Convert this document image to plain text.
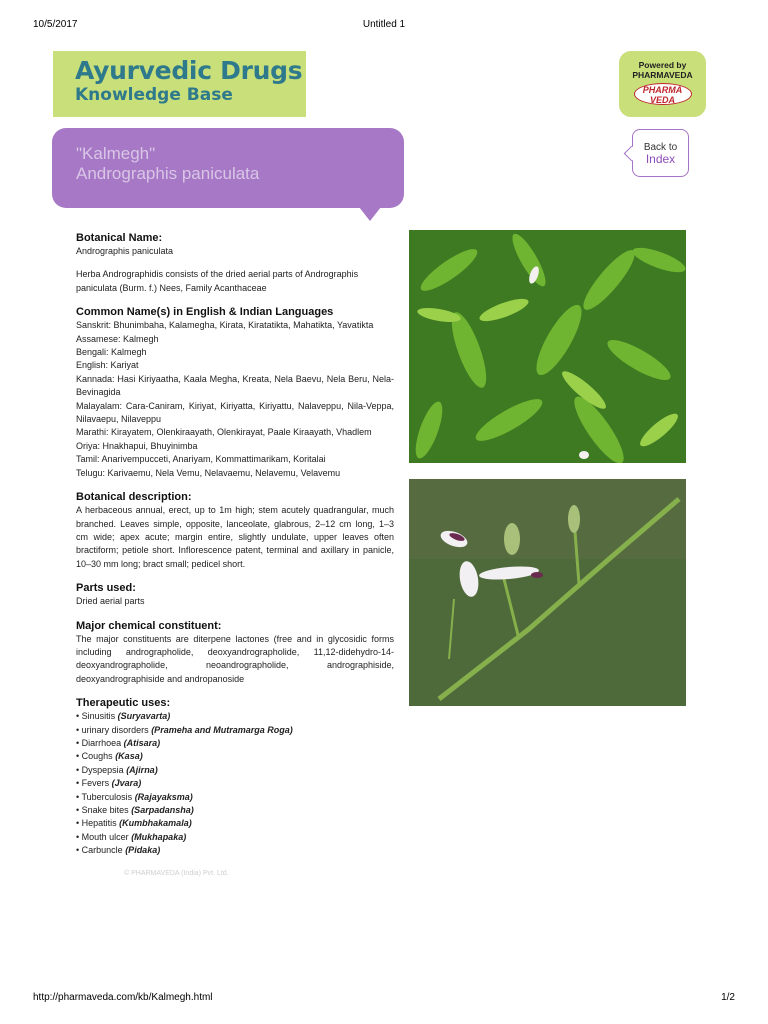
10/5/2017	Untitled 1
Ayurvedic Drugs
Knowledge Base
Powered by
PHARMAVEDA
PHARMA
VEDA
Back to
Index
"Kalmegh"
Andrographis paniculata

Botanical Name:

Andrographis paniculata

Herba Andrographidis consists of the dried aerial parts of Andrographis paniculata (Burm. f.) Nees, Family Acanthaceae

Common Name(s) in English & Indian Languages

Sanskrit: Bhunimbaha, Kalamegha, Kirata, Kiratatikta, Mahatikta, Yavatikta

Assamese: Kalmegh

Bengali: Kalmegh

English: Kariyat

Kannada: Hasi Kiriyaatha, Kaala Megha, Kreata, Nela Baevu, Nela Beru, Nela-Bevinagida

Malayalam: Cara-Caniram, Kiriyat, Kiriyatta, Kiriyattu, Nalaveppu, Nila-Veppa, Nilavaepu, Nilaveppu

Marathi: Kirayatem, Olenkiraayath, Olenkirayat, Paale Kiraayath, Vhadlem

Oriya: Hnakhapui, Bhuyinimba

Tamil: Anarivempucceti, Anariyam, Kommattimarikam, Koritalai

Telugu: Karivaemu, Nela Vemu, Nelavaemu, Nelavemu, Velavemu

Botanical description:

A herbaceous annual, erect, up to 1m high; stem acutely quadrangular, much branched. Leaves simple, opposite, lanceolate, glabrous, 2–12 cm long, 1–3 cm wide; apex acute; margin entire, slightly undulate, upper leaves often bractiform; petiole short. Inflorescence patent, terminal and axillary in panicle, 10–30 mm long; bract small; pedicel short.

Parts used:

Dried aerial parts

Major chemical constituent:

The major constituents are diterpene lactones (free and in glycosidic forms including andrographolide, deoxyandrographolide, 11,12-didehydro-14-deoxyandrographolide, neoandrographolide, andrographiside, deoxyandrographiside and andropanoside

Therapeutic uses:

• Sinusitis (Suryavarta)
• urinary disorders (Prameha and Mutramarga Roga)
• Diarrhoea (Atisara)
• Coughs (Kasa)
• Dyspepsia (Ajirna)
• Fevers (Jvara)
• Tuberculosis (Rajayaksma)
• Snake bites (Sarpadansha)
• Hepatitis (Kumbhakamala)
• Mouth ulcer (Mukhapaka)
• Carbuncle (Pidaka)
© PHARMAVEDA (India) Pvt. Ltd.
http://pharmaveda.com/kb/Kalmegh.html	1/2
